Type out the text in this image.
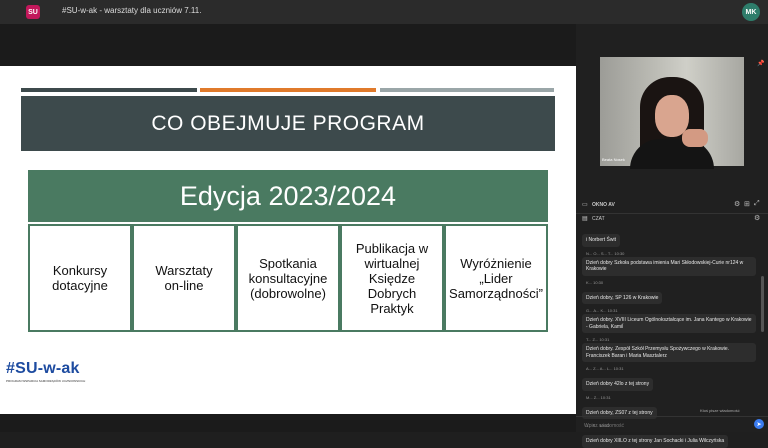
SU	#SU-w-ak - warsztaty dla uczniów 7.11.	MK
CO OBEJMUJE PROGRAM
Edycja 2023/2024
Konkursy
dotacyjne
Warsztaty
on-line
Spotkania
konsultacyjne
(dobrowolne)
Publikacja w
wirtualnej
Księdze
Dobrych
Praktyk
Wyróżnienie
„Lider
Samorządności”
#SU-w-ak
PROGRAM WSPARCIA SAMORZĄDÓW UCZNIOWSKICH
Beata Nosek
📌
▭ OKNO AV	⚙ ⊞ ⤢
▤ CZAT	⚙
i Norbert Świt
N... O... S... T... 10:30
Dzień dobry Szkoła podstawa imienia Mari Skłodowskiej-Curie nr124 w Krakowie
K... 10:30
Dzień dobry, SP 126 w Krakowie
G... A... K... 10:31
Dzień dobry. XVIII Liceum Ogólnokształcące im. Jana Kantego w Krakowie - Gabriela, Kamiĺ
T... Z... 10:31
Dzień dobry. Zespół Szkół Przemysłu Spożywczego w Krakowie. Franciszek Baran i Maria Masztalerz
A... Z... A... L... 10:31
Dzień dobry 42lo z tej strony
M... Z... 10:31
Dzień dobry, ZS07 z tej strony
J... S... 10:32
Dzień dobry XIILO z tej strony Jan Sochacki i Julia Wilczyńska
Ktoś pisze wiadomość
Wpisz wiadomość
➤
